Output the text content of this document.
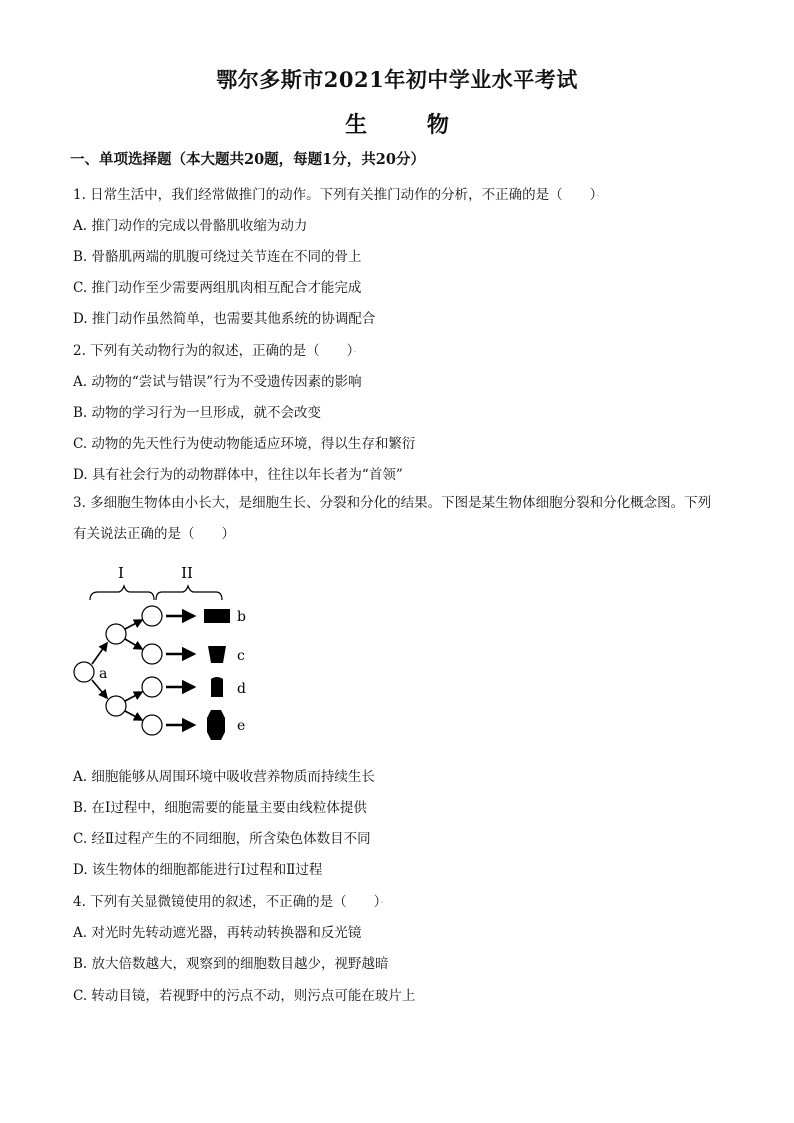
鄂尔多斯市2021年初中学业水平考试
生 物
一、单项选择题（本大题共20题，每题1分，共20分）
1. 日常生活中，我们经常做推门的动作。下列有关推门动作的分析，不正确的是（　　）·
A. 推门动作的完成以骨骼肌收缩为动力
B. 骨骼肌两端的肌腹可绕过关节连在不同的骨上
C. 推门动作至少需要两组肌肉相互配合才能完成
D. 推门动作虽然简单，也需要其他系统的协调配合
2. 下列有关动物行为的叙述，正确的是（　　）·
A. 动物的“尝试与错误”行为不受遗传因素的影响
B. 动物的学习行为一旦形成，就不会改变
C. 动物的先天性行为使动物能适应环境，得以生存和繁衍
D. 具有社会行为的动物群体中，往往以年长者为“首领”
3. 多细胞生物体由小长大，是细胞生长、分裂和分化的结果。下图是某生物体细胞分裂和分化概念图。下列有关说法正确的是（　　）
I	II
a
b
c
d
e
A. 细胞能够从周围环境中吸收营养物质而持续生长
B. 在Ⅰ过程中，细胞需要的能量主要由线粒体提供
C. 经Ⅱ过程产生的不同细胞，所含染色体数目不同
D. 该生物体的细胞都能进行Ⅰ过程和Ⅱ过程
4. 下列有关显微镜使用的叙述，不正确的是（　　）·
A. 对光时先转动遮光器，再转动转换器和反光镜
B. 放大倍数越大，观察到的细胞数目越少，视野越暗
C. 转动目镜，若视野中的污点不动，则污点可能在玻片上
